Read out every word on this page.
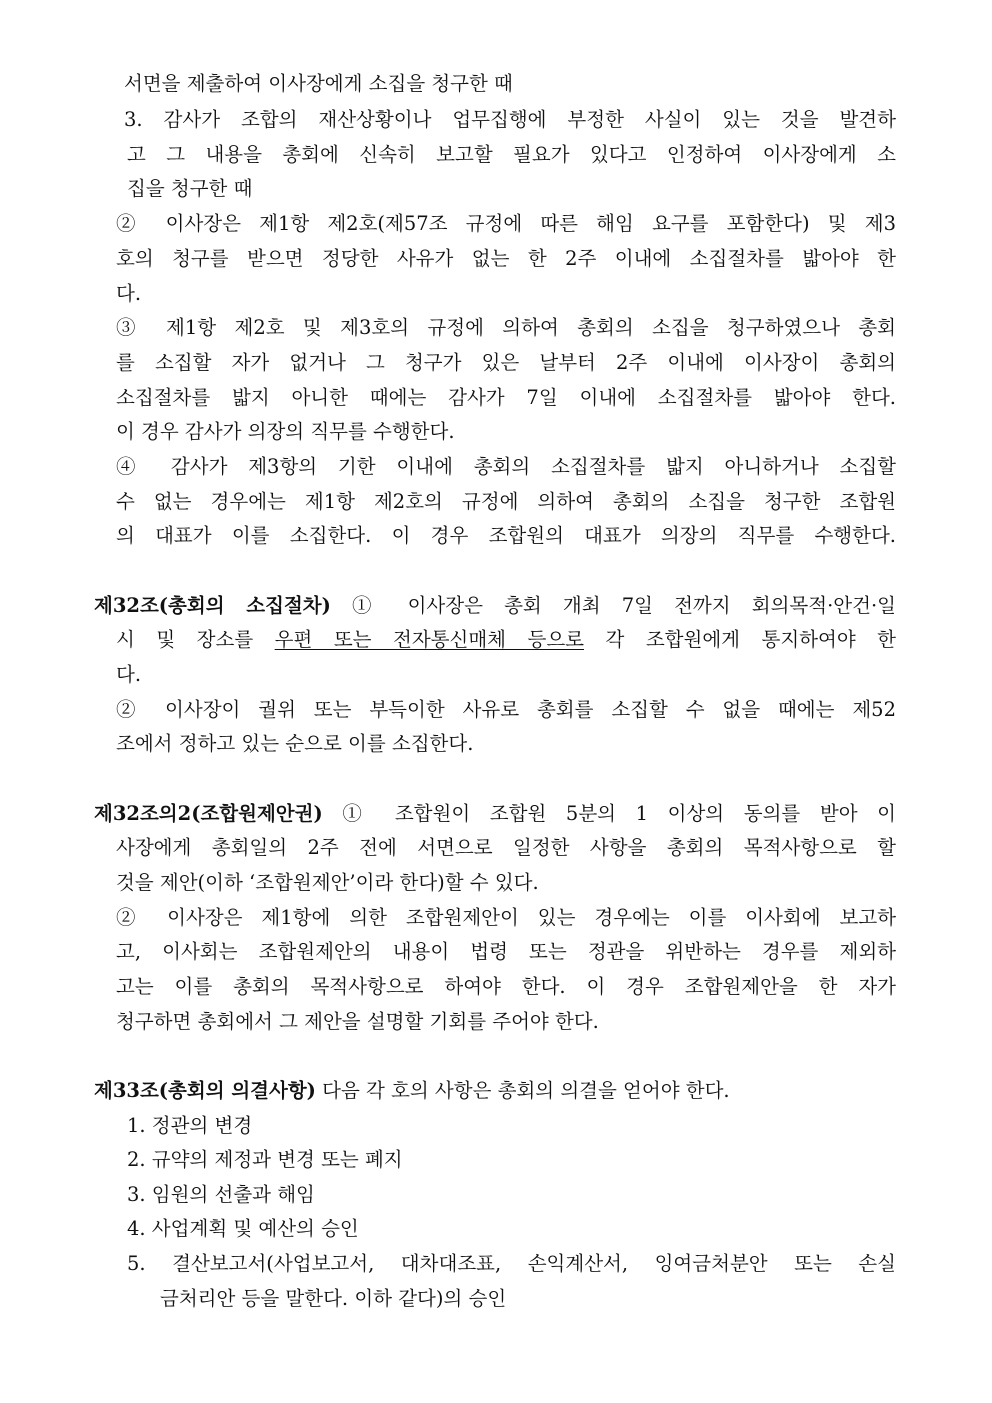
서면을 제출하여 이사장에게 소집을 청구한 때

3. 감사가 조합의 재산상황이나 업무집행에 부정한 사실이 있는 것을 발견하

고 그 내용을 총회에 신속히 보고할 필요가 있다고 인정하여 이사장에게 소

집을 청구한 때

② 이사장은 제1항 제2호(제57조 규정에 따른 해임 요구를 포함한다) 및 제3

호의 청구를 받으면 정당한 사유가 없는 한 2주 이내에 소집절차를 밟아야 한

다.

③ 제1항 제2호 및 제3호의 규정에 의하여 총회의 소집을 청구하였으나 총회

를 소집할 자가 없거나 그 청구가 있은 날부터 2주 이내에 이사장이 총회의

소집절차를 밟지 아니한 때에는 감사가 7일 이내에 소집절차를 밟아야 한다.

이 경우 감사가 의장의 직무를 수행한다.

④ 감사가 제3항의 기한 이내에 총회의 소집절차를 밟지 아니하거나 소집할

수 없는 경우에는 제1항 제2호의 규정에 의하여 총회의 소집을 청구한 조합원

의 대표가 이를 소집한다. 이 경우 조합원의 대표가 의장의 직무를 수행한다.

제32조(총회의 소집절차) ① 이사장은 총회 개최 7일 전까지 회의목적·안건·일

시 및 장소를 우편 또는 전자통신매체 등으로 각 조합원에게 통지하여야 한

다.

② 이사장이 궐위 또는 부득이한 사유로 총회를 소집할 수 없을 때에는 제52

조에서 정하고 있는 순으로 이를 소집한다.

제32조의2(조합원제안권) ① 조합원이 조합원 5분의 1 이상의 동의를 받아 이

사장에게 총회일의 2주 전에 서면으로 일정한 사항을 총회의 목적사항으로 할

것을 제안(이하 ‘조합원제안’이라 한다)할 수 있다.

② 이사장은 제1항에 의한 조합원제안이 있는 경우에는 이를 이사회에 보고하

고, 이사회는 조합원제안의 내용이 법령 또는 정관을 위반하는 경우를 제외하

고는 이를 총회의 목적사항으로 하여야 한다. 이 경우 조합원제안을 한 자가

청구하면 총회에서 그 제안을 설명할 기회를 주어야 한다.

제33조(총회의 의결사항) 다음 각 호의 사항은 총회의 의결을 얻어야 한다.

1. 정관의 변경

2. 규약의 제정과 변경 또는 폐지

3. 임원의 선출과 해임

4. 사업계획 및 예산의 승인

5. 결산보고서(사업보고서, 대차대조표, 손익계산서, 잉여금처분안 또는 손실

금처리안 등을 말한다. 이하 같다)의 승인
